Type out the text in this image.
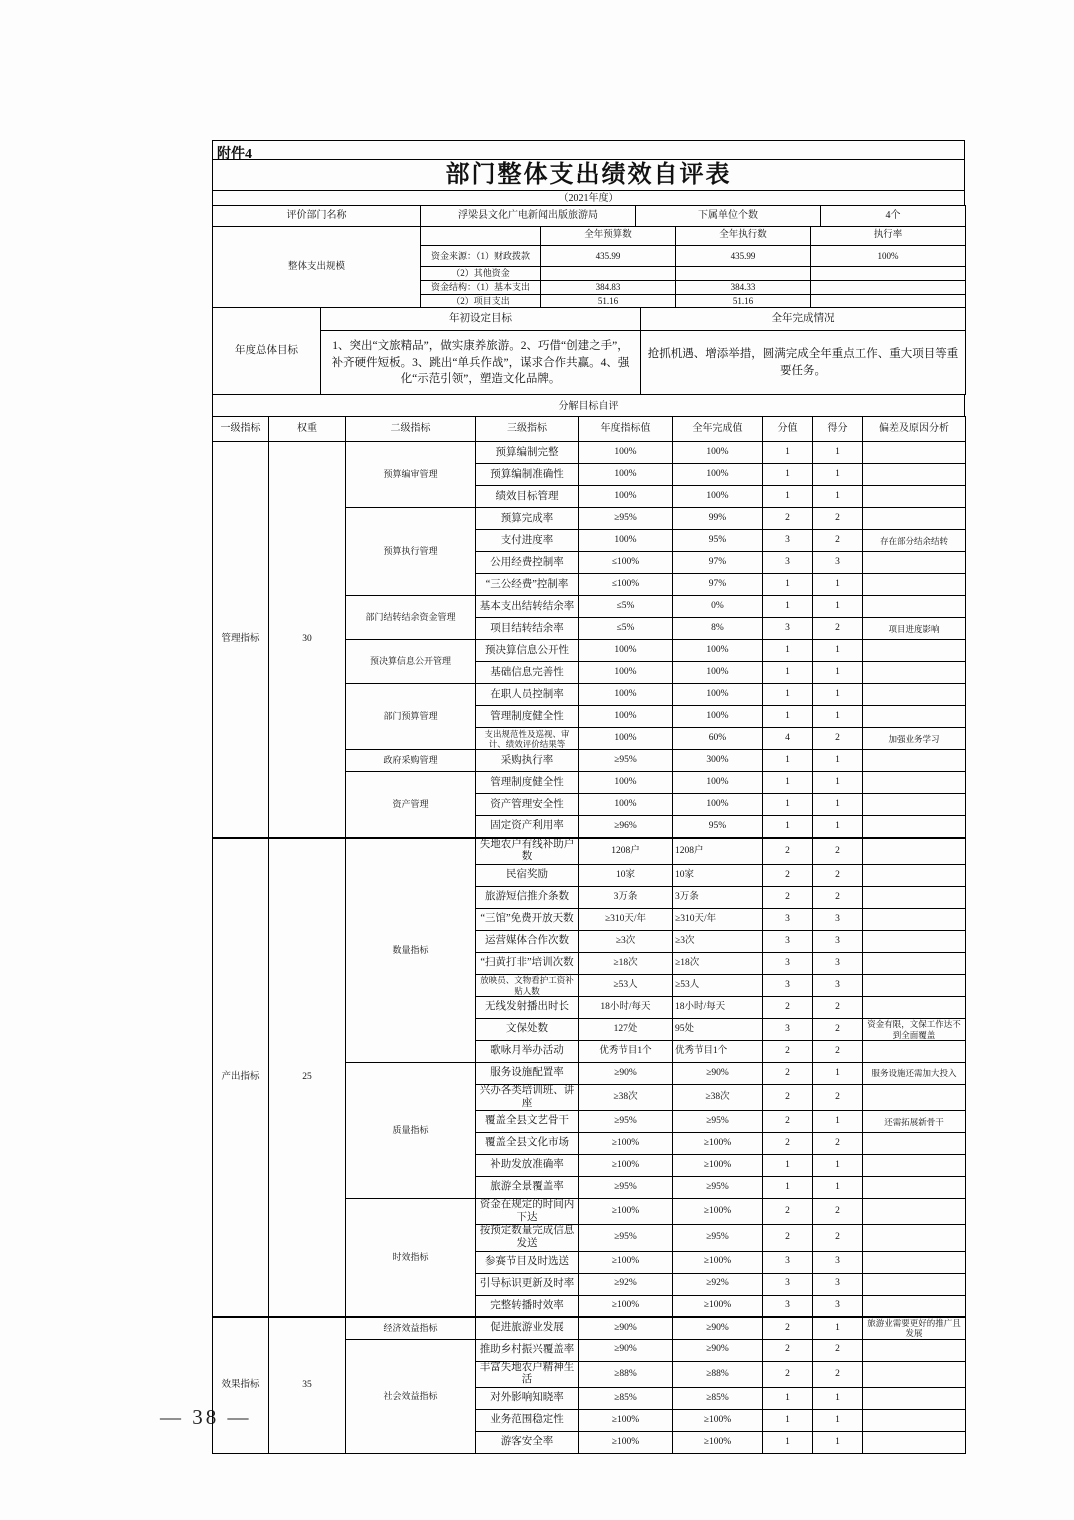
— 38 —
附件4
部门整体支出绩效自评表
（2021年度）
评价部门名称	浮梁县文化广电新闻出版旅游局	下属单位个数	4个
整体支出规模		全年预算数	全年执行数	执行率
	资金来源：（1）财政拨款	435.99	435.99	100%
	（2）其他资金			
	资金结构：（1）基本支出	384.83	384.33	
	（2）项目支出	51.16	51.16	
年度总体目标	年初设定目标	全年完成情况
	1、突出“文旅精品”，做实康养旅游。2、巧借“创建之手”，补齐硬件短板。3、跳出“单兵作战”，谋求合作共赢。4、强化“示范引领”，塑造文化品牌。	抢抓机遇、增添举措，圆满完成全年重点工作、重大项目等重要任务。
分解目标自评
一级指标	权重	二级指标	三级指标	年度指标值	全年完成值	分值	得分	偏差及原因分析
管理指标	30	预算编审管理	预算编制完整	100%	100%	1	1	
			预算编制准确性	100%	100%	1	1	
			绩效目标管理	100%	100%	1	1	
		预算执行管理	预算完成率	≥95%	99%	2	2	
			支付进度率	100%	95%	3	2	存在部分结余结转
			公用经费控制率	≤100%	97%	3	3	
			“三公经费”控制率	≤100%	97%	1	1	
		部门结转结余资金管理	基本支出结转结余率	≤5%	0%	1	1	
			项目结转结余率	≤5%	8%	3	2	项目进度影响
		预决算信息公开管理	预决算信息公开性	100%	100%	1	1	
			基础信息完善性	100%	100%	1	1	
		部门预算管理	在职人员控制率	100%	100%	1	1	
			管理制度健全性	100%	100%	1	1	
			支出规范性及巡视、审计、绩效评价结果等	100%	60%	4	2	加强业务学习
		政府采购管理	采购执行率	≥95%	300%	1	1	
		资产管理	管理制度健全性	100%	100%	1	1	
			资产管理安全性	100%	100%	1	1	
			固定资产利用率	≥96%	95%	1	1	
产出指标	25	数量指标	失地农户有线补助户数	1208户	1208户	2	2	
			民宿奖励	10家	10家	2	2	
			旅游短信推介条数	3万条	3万条	2	2	
			“三馆”免费开放天数	≥310天/年	≥310天/年	3	3	
			运营媒体合作次数	≥3次	≥3次	3	3	
			“扫黄打非”培训次数	≥18次	≥18次	3	3	
			放映员、文物看护工资补贴人数	≥53人	≥53人	3	3	
			无线发射播出时长	18小时/每天	18小时/每天	2	2	
			文保处数	127处	95处	3	2	资金有限，文保工作达不到全面覆盖
			歌咏月举办活动	优秀节目1个	优秀节目1个	2	2	
		质量指标	服务设施配置率	≥90%	≥90%	2	1	服务设施还需加大投入
			兴办各类培训班、讲座	≥38次	≥38次	2	2	
			覆盖全县文艺骨干	≥95%	≥95%	2	1	还需拓展新骨干
			覆盖全县文化市场	≥100%	≥100%	2	2	
			补助发放准确率	≥100%	≥100%	1	1	
			旅游全景覆盖率	≥95%	≥95%	1	1	
		时效指标	资金在规定的时间内下达	≥100%	≥100%	2	2	
			按预定数量完成信息发送	≥95%	≥95%	2	2	
			参赛节目及时选送	≥100%	≥100%	3	3	
			引导标识更新及时率	≥92%	≥92%	3	3	
			完整转播时效率	≥100%	≥100%	3	3	
效果指标	35	经济效益指标	促进旅游业发展	≥90%	≥90%	2	1	旅游业需要更好的推广且发展
		社会效益指标	推助乡村振兴覆盖率	≥90%	≥90%	2	2	
			丰富失地农户精神生活	≥88%	≥88%	2	2	
			对外影响知晓率	≥85%	≥85%	1	1	
			业务范围稳定性	≥100%	≥100%	1	1	
			游客安全率	≥100%	≥100%	1	1	
